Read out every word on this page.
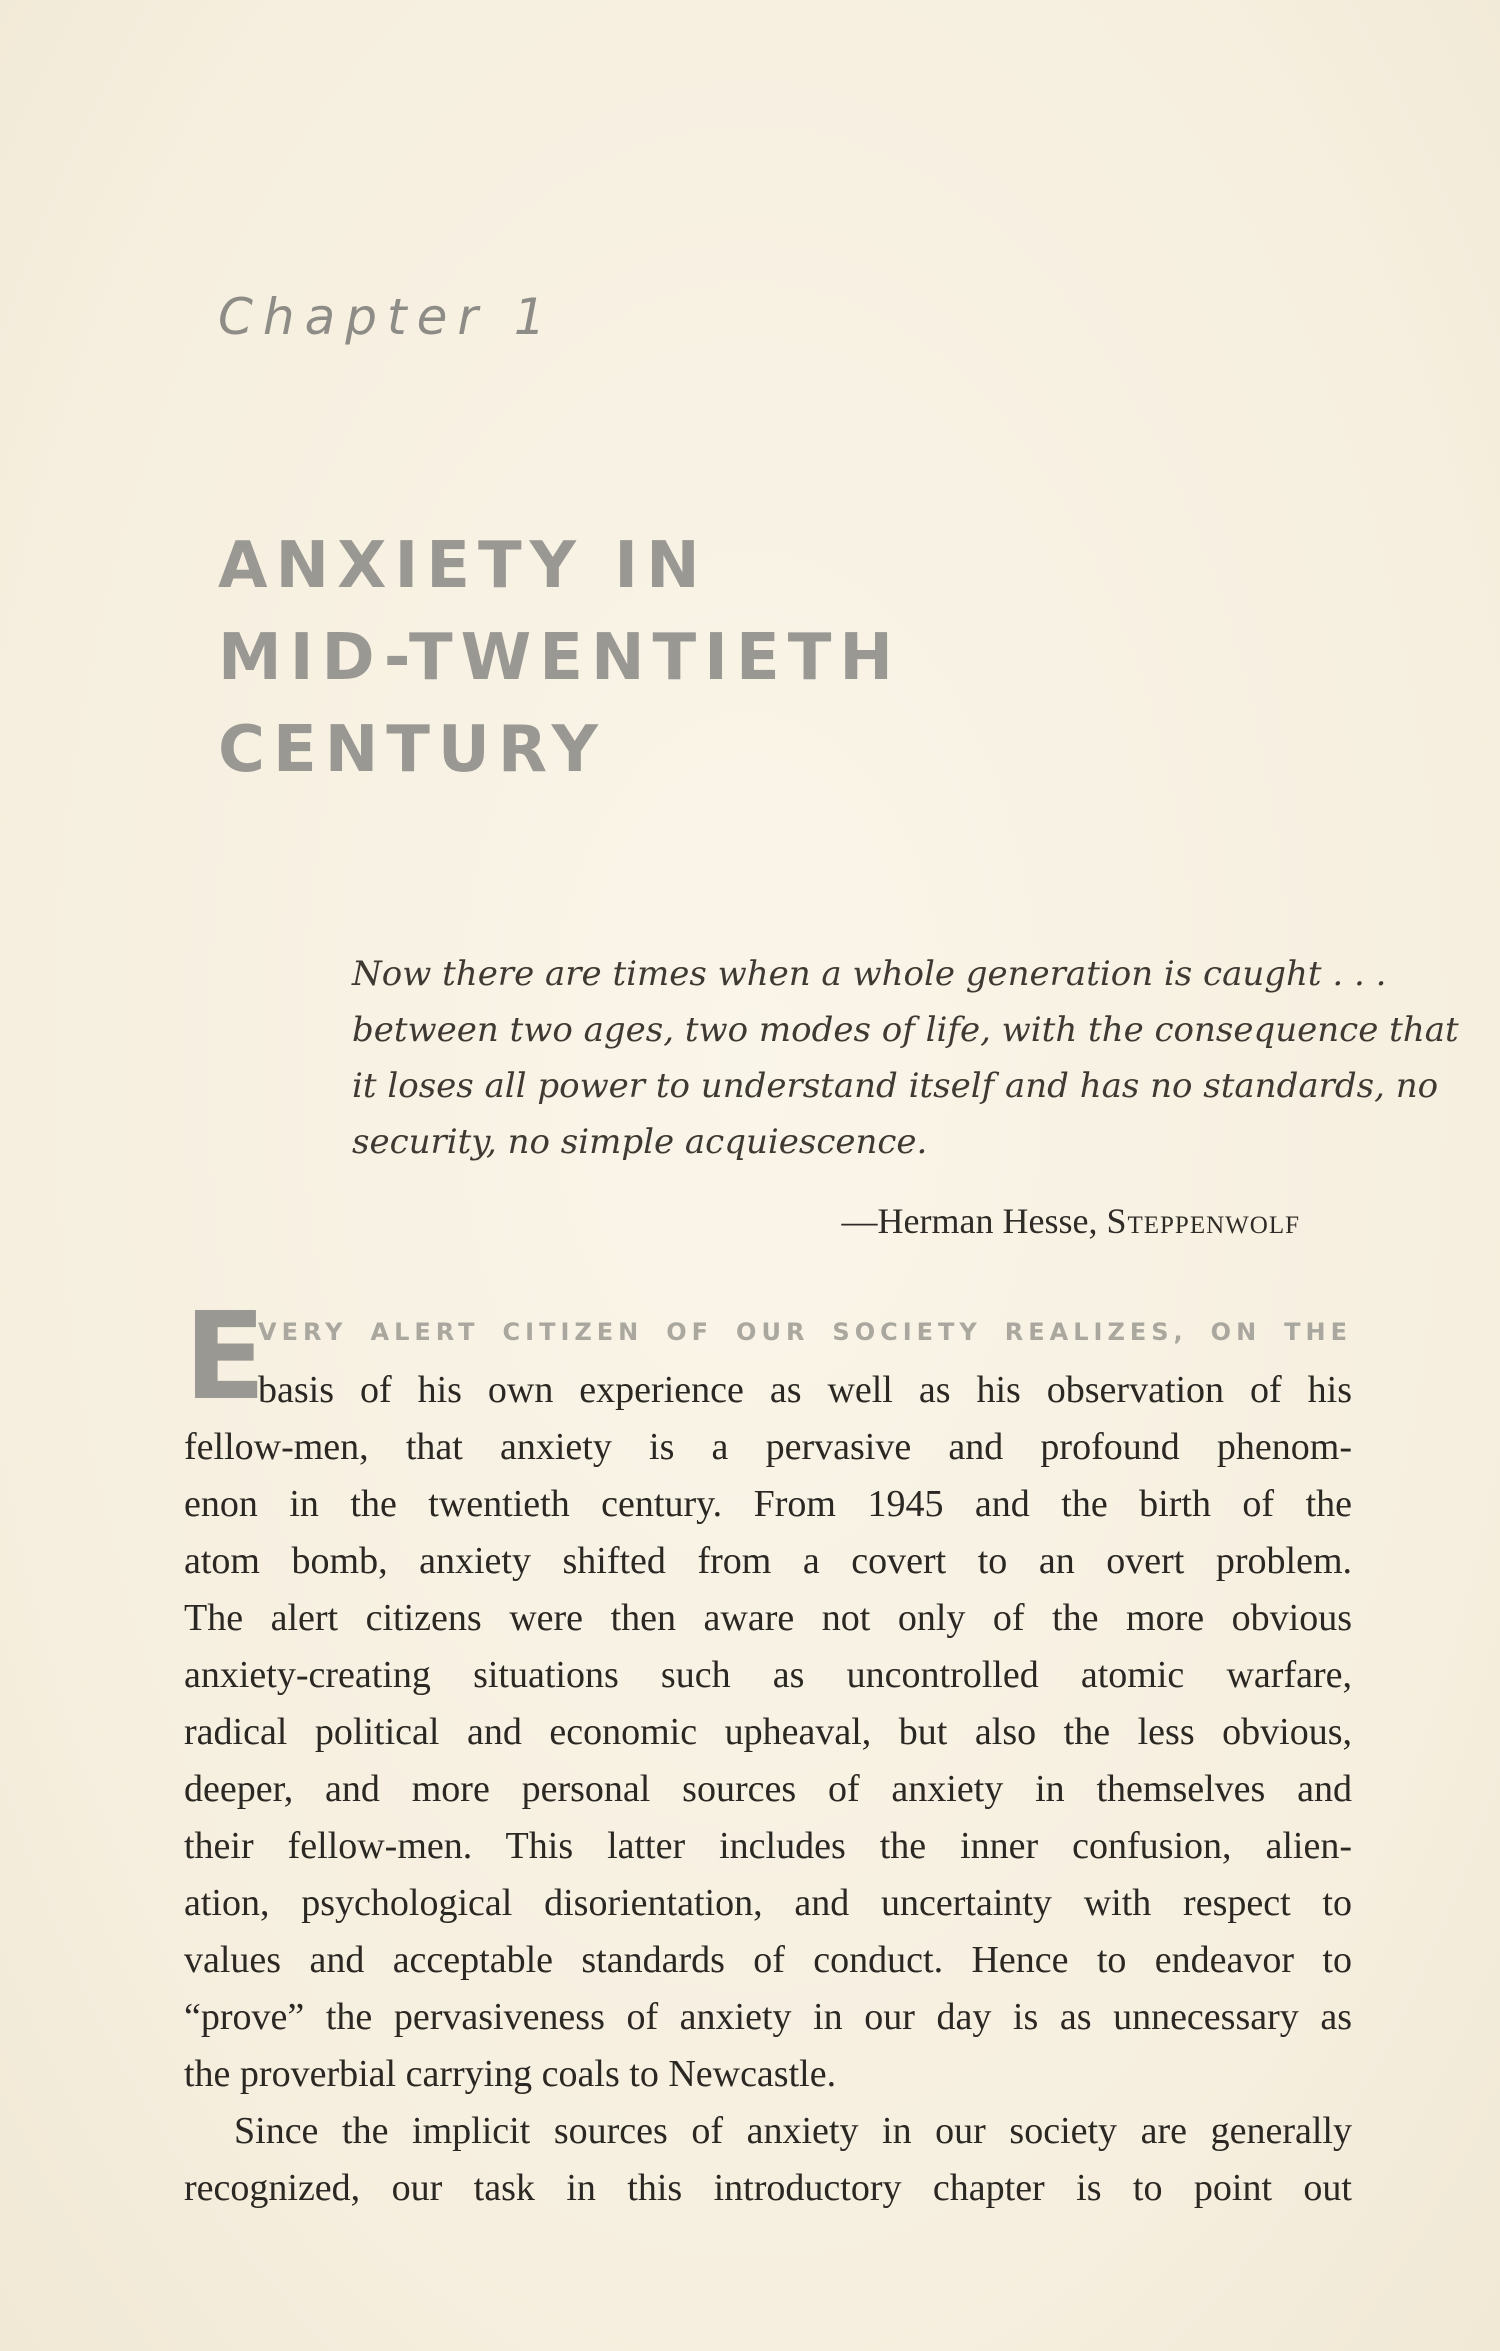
Chapter 1

ANXIETY IN
MID-TWENTIETH
CENTURY
Now there are times when a whole generation is caught . . .
between two ages, two modes of life, with the consequence that
it loses all power to understand itself and has no standards, no
security, no simple acquiescence.

—Herman Hesse, Steppenwolf

E

VERY ALERT CITIZEN OF OUR SOCIETY REALIZES, ON THE

basis of his own experience as well as his observation of his
fellow-men, that anxiety is a pervasive and profound phenom-
enon in the twentieth century. From 1945 and the birth of the
atom bomb, anxiety shifted from a covert to an overt problem.
The alert citizens were then aware not only of the more obvious
anxiety-creating situations such as uncontrolled atomic warfare,
radical political and economic upheaval, but also the less obvious,
deeper, and more personal sources of anxiety in themselves and
their fellow-men. This latter includes the inner confusion, alien-
ation, psychological disorientation, and uncertainty with respect to
values and acceptable standards of conduct. Hence to endeavor to
“prove” the pervasiveness of anxiety in our day is as unnecessary as
the proverbial carrying coals to Newcastle.
Since the implicit sources of anxiety in our society are generally
recognized, our task in this introductory chapter is to point out
